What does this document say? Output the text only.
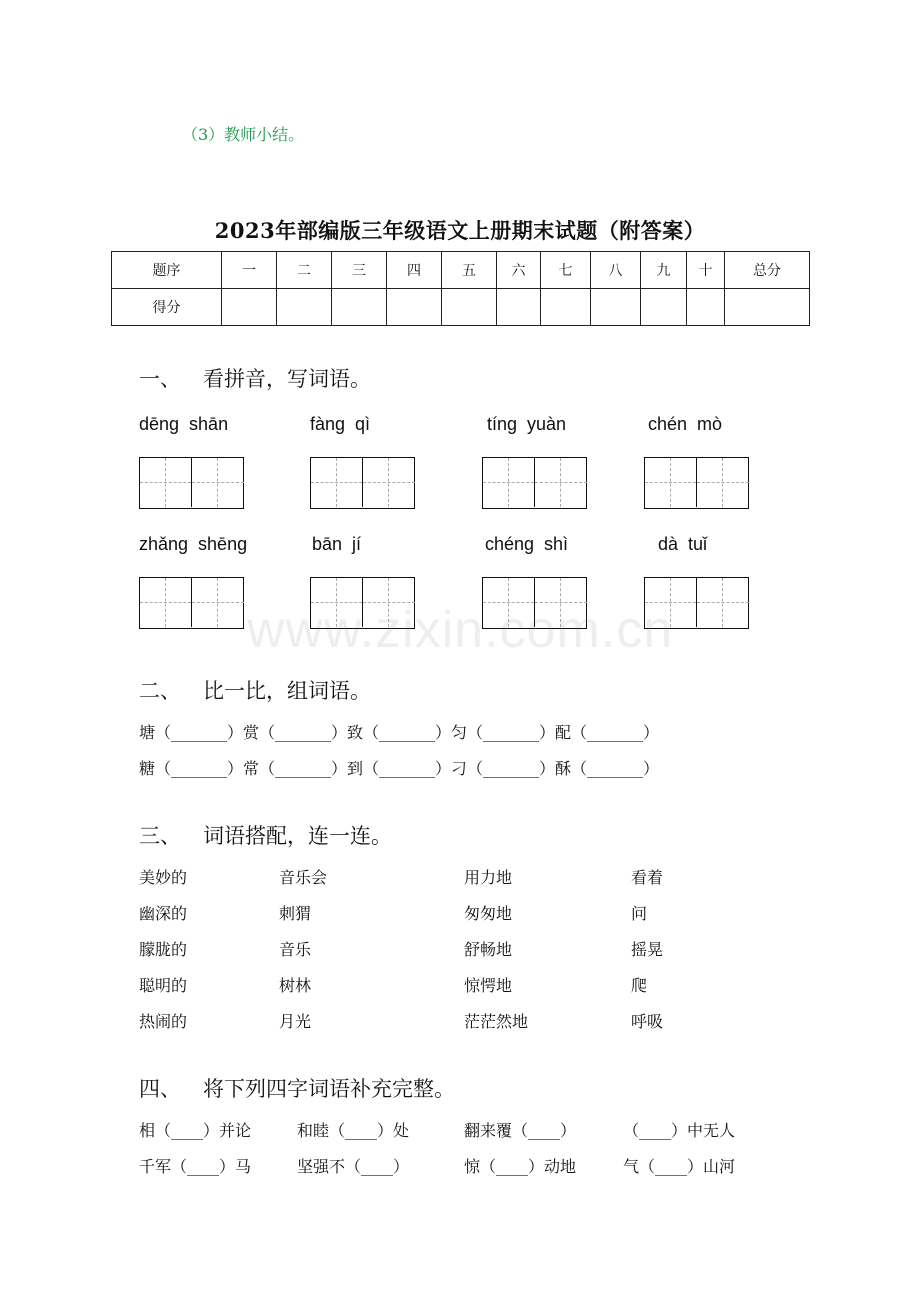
（3）教师小结。
2023年部编版三年级语文上册期末试题（附答案）
题序	一	二	三	四	五	六	七	八	九	十	总分
得分											
一、 看拼音，写词语。
dēng  shān	fàng  qì	tíng  yuàn	chén  mò
zhǎng  shēng	bān  jí	chéng  shì	dà  tuǐ
www.zixin.com.cn
二、 比一比，组词语。
塘（_______）赏（_______）致（_______）匀（_______）配（_______）
糖（_______）常（_______）到（_______）刁（_______）酥（_______）
三、 词语搭配，连一连。
美妙的	音乐会	用力地	看着
幽深的	刺猬	匆匆地	问
朦胧的	音乐	舒畅地	摇晃
聪明的	树林	惊愕地	爬
热闹的	月光	茫茫然地	呼吸
四、 将下列四字词语补充完整。
相（____）并论	和睦（____）处	翻来覆（____）	（____）中无人
千军（____）马	坚强不（____）	惊（____）动地	气（____）山河
